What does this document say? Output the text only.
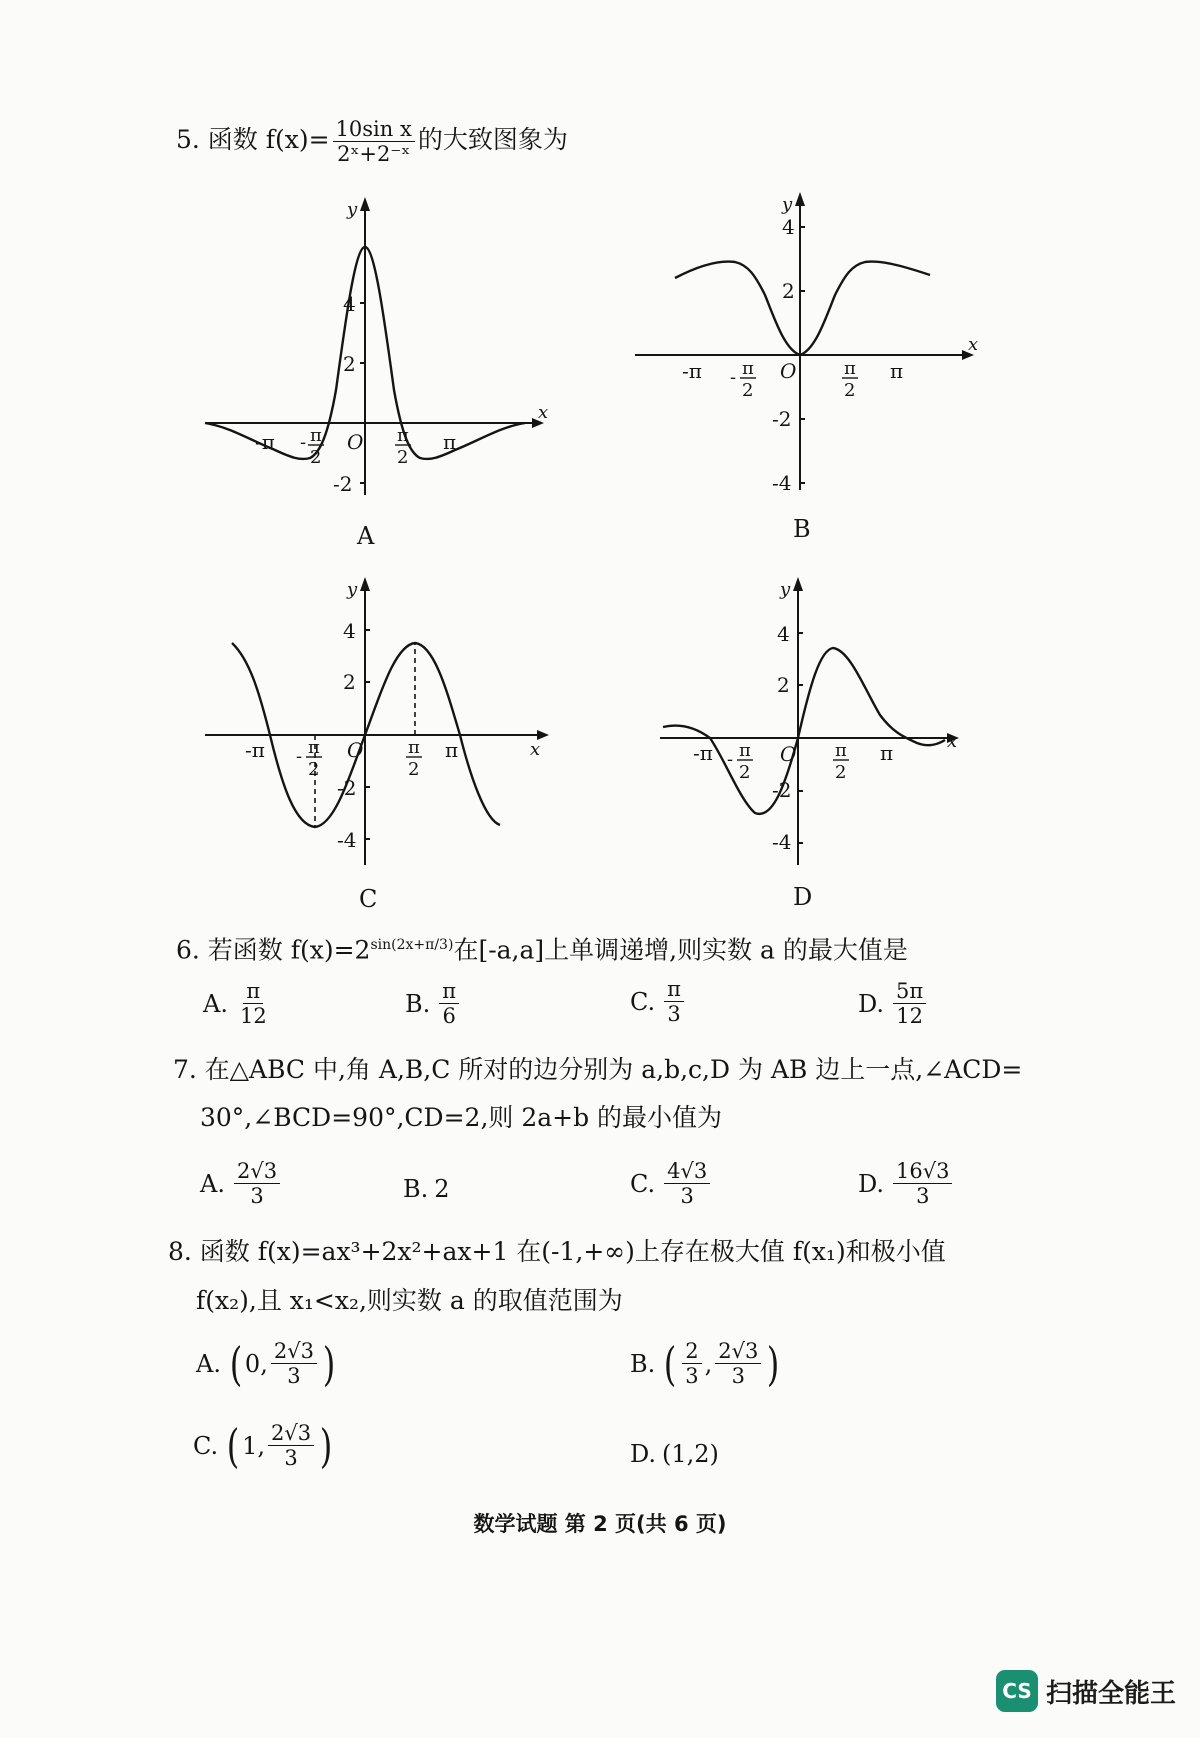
5. 函数 $f(x)= \frac{\text{10sin x}}{\text{2ˣ+2⁻ˣ}}$ 的大致图象为
y
x
4
2
-2
O
-π	π
- π
2
π
2
A
y
x
4
2
-2
-4
O
-π	π
- π
2
π
2
B
y
x
4
2
-2
-4
O
-π	π
- π
2
π
2
C
y
x
4
2
-2
-4
O
-π	π
- π
2
π
2
D
6. 若函数 $f(x)=2^{sin(2x+\pi/3)}$在[-a,a]上单调递增,则实数 a 的最大值是
A. $\frac{\pi}{12}$	B. $\frac{\pi}{6}$	C. $\frac{\pi}{3}$	D. $\frac{5\pi}{12}$
7. 在△ABC 中,角 A,B,C 所对的边分别为 a,b,c,D 为 AB 边上一点,∠ACD=
30°,∠BCD=90°,CD=2,则 2a+b 的最小值为
A. $\frac{2√3}{3}$	B. 2	C. $\frac{4√3}{3}$	D. $\frac{16√3}{3}$
8. 函数 f(x)=ax³+2x²+ax+1 在(-1,+∞)上存在极大值 f(x₁)和极小值
f(x₂),且 x₁<x₂,则实数 a 的取值范围为
A. ( 0 , $\frac{2√3}{3}$ )	B. ( $\frac{2}{3}$ , $\frac{2√3}{3}$ )
C. ( 1 , $\frac{2√3}{3}$ )	D. (1,2)
数学试题 第 2 页(共 6 页)
CS 扫描全能王
